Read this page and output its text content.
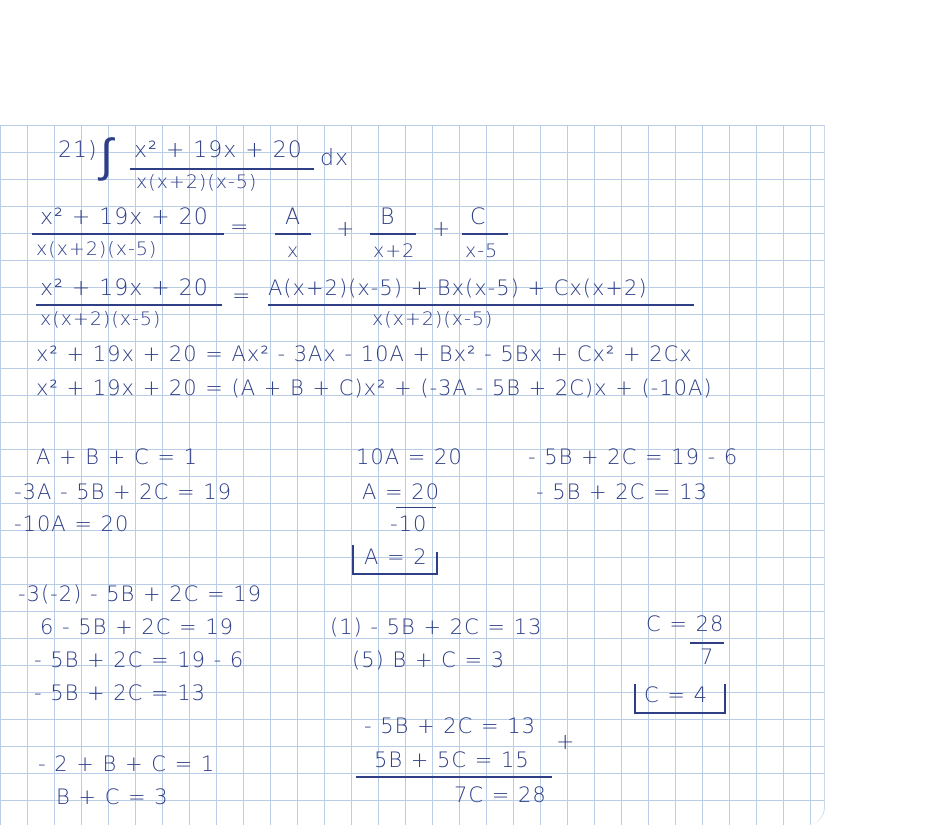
21) ∫ x² + 19x + 20
x(x+2)(x-5)
dx
x² + 19x + 20
x(x+2)(x-5)
= A
x
+ B
x+2
+ C
x-5
x² + 19x + 20
x(x+2)(x-5)
= A(x+2)(x-5) + Bx(x-5) + Cx(x+2)
x(x+2)(x-5)
x² + 19x + 20 = Ax² - 3Ax - 10A + Bx² - 5Bx + Cx² + 2Cx
x² + 19x + 20 = (A + B + C)x² + (-3A - 5B + 2C)x + (-10A)
A + B + C = 1
-3A - 5B + 2C = 19
-10A = 20
10A = 20
A = 20
-10
A = 2
- 5B + 2C = 19 - 6
- 5B + 2C = 13
-3(-2) - 5B + 2C = 19
6 - 5B + 2C = 19
- 5B + 2C = 19 - 6
- 5B + 2C = 13
(1) - 5B + 2C = 13
(5) B + C = 3
- 5B + 2C = 13
5B + 5C = 15
+
7C = 28
C = 28
7
C = 4
- 2 + B + C = 1
B + C = 3
